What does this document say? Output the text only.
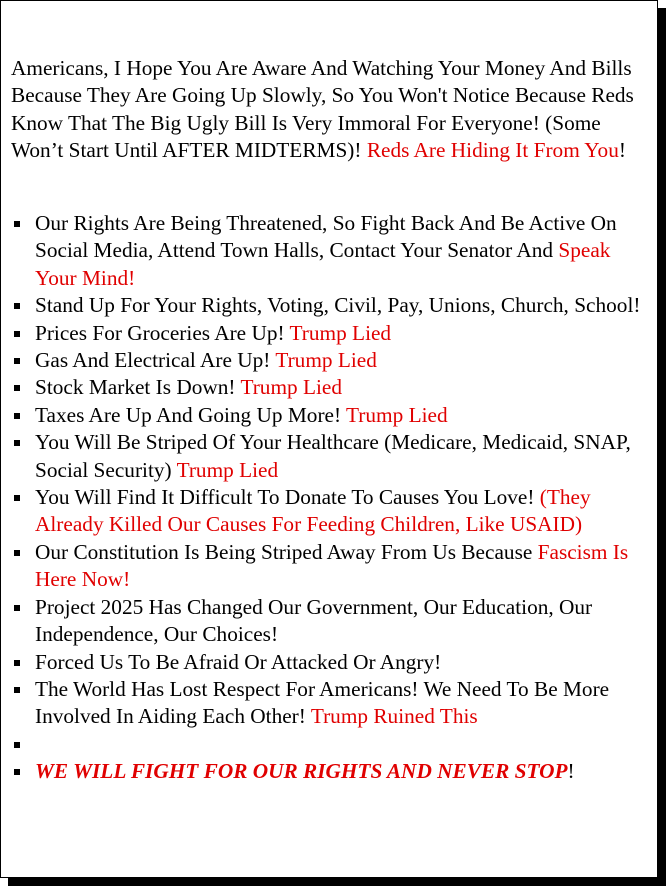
Americans, I Hope You Are Aware And Watching Your Money And Bills Because They Are Going Up Slowly, So You Won't Notice Because Reds Know That The Big Ugly Bill Is Very Immoral For Everyone! (Some Won’t Start Until AFTER MIDTERMS)! Reds Are Hiding It From You!

Our Rights Are Being Threatened, So Fight Back And Be Active On Social Media, Attend Town Halls, Contact Your Senator And Speak Your Mind!
Stand Up For Your Rights, Voting, Civil, Pay, Unions, Church, School!
Prices For Groceries Are Up! Trump Lied
Gas And Electrical Are Up! Trump Lied
Stock Market Is Down! Trump Lied
Taxes Are Up And Going Up More! Trump Lied
You Will Be Striped Of Your Healthcare (Medicare, Medicaid, SNAP, Social Security) Trump Lied
You Will Find It Difficult To Donate To Causes You Love! (They Already Killed Our Causes For Feeding Children, Like USAID)
Our Constitution Is Being Striped Away From Us Because Fascism Is Here Now!
Project 2025 Has Changed Our Government, Our Education, Our Independence, Our Choices!
Forced Us To Be Afraid Or Attacked Or Angry!
The World Has Lost Respect For Americans! We Need To Be More Involved In Aiding Each Other! Trump Ruined This

WE WILL FIGHT FOR OUR RIGHTS AND NEVER STOP!
